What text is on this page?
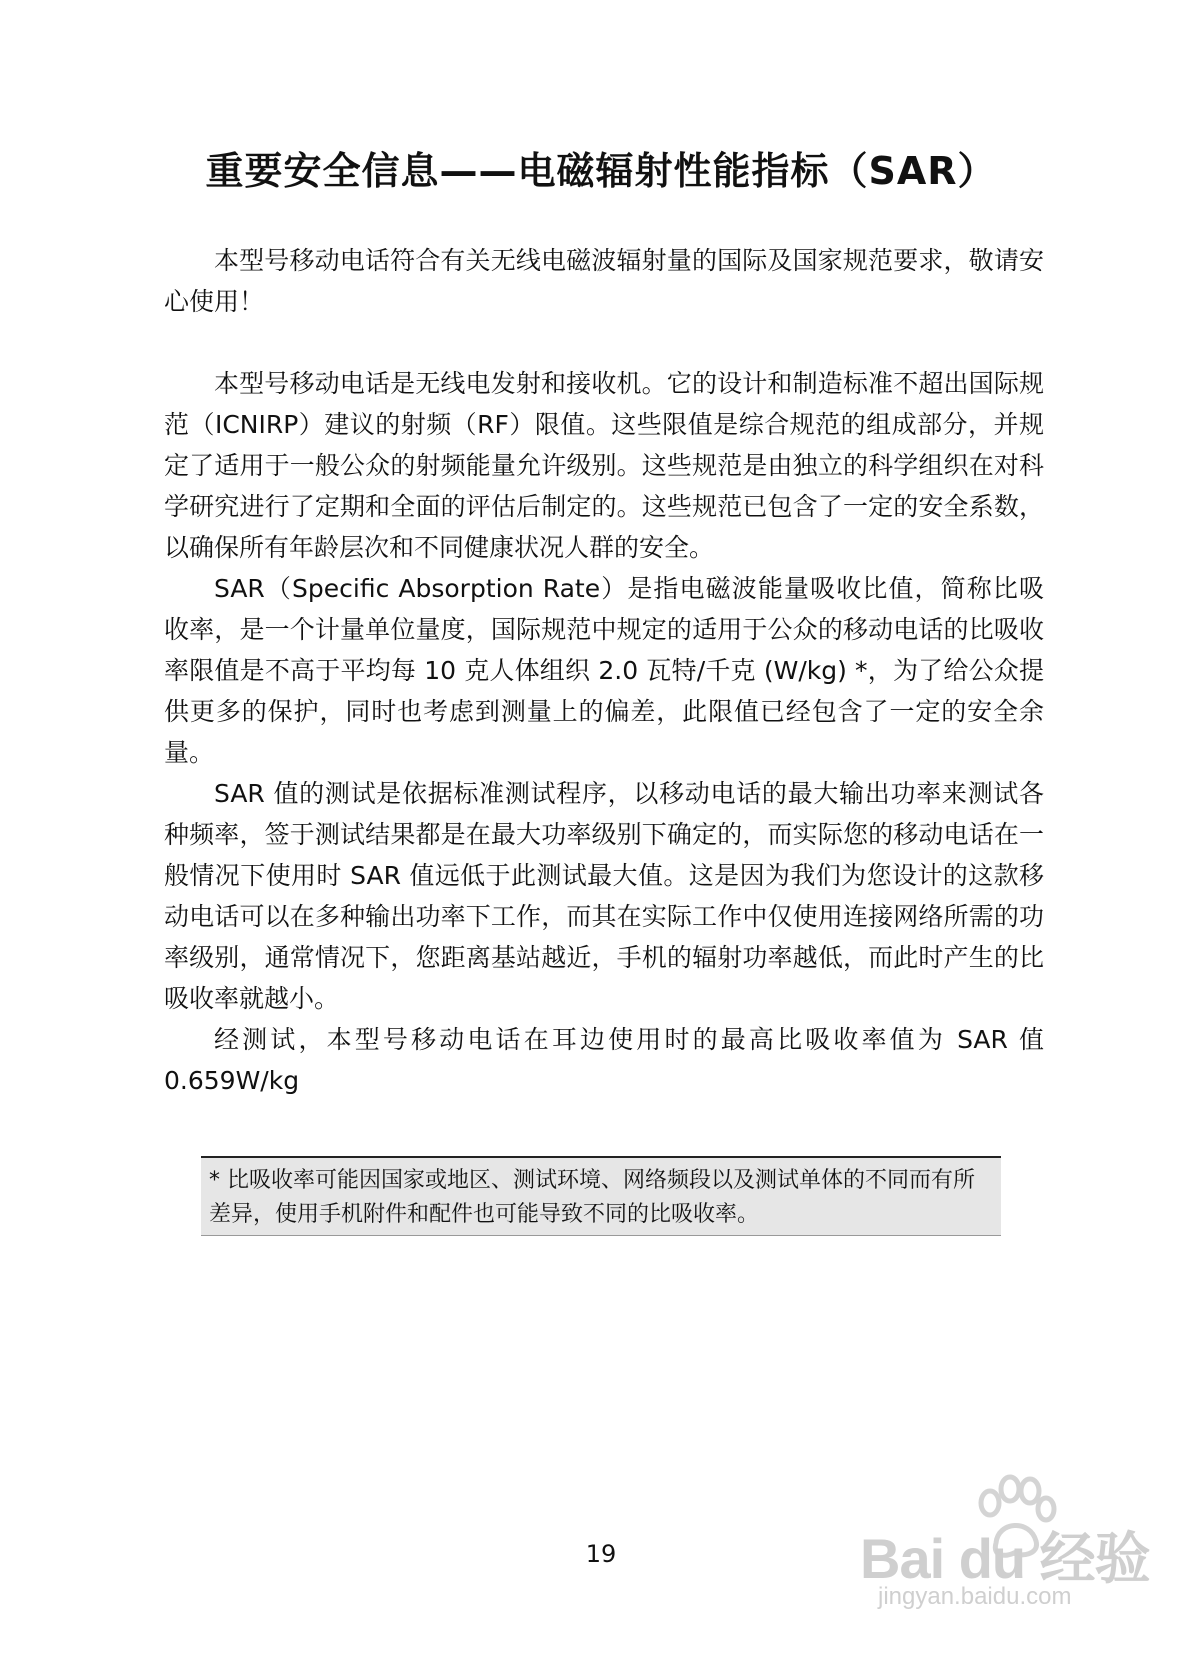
重要安全信息——电磁辐射性能指标（SAR）

本型号移动电话符合有关无线电磁波辐射量的国际及国家规范要求，敬请安心使用！

本型号移动电话是无线电发射和接收机。它的设计和制造标准不超出国际规范（ICNIRP）建议的射频（RF）限值。这些限值是综合规范的组成部分，并规定了适用于一般公众的射频能量允许级别。这些规范是由独立的科学组织在对科学研究进行了定期和全面的评估后制定的。这些规范已包含了一定的安全系数，以确保所有年龄层次和不同健康状况人群的安全。

SAR（Specific Absorption Rate）是指电磁波能量吸收比值，简称比吸收率，是一个计量单位量度，国际规范中规定的适用于公众的移动电话的比吸收率限值是不高于平均每 10 克人体组织 2.0 瓦特/千克 (W/kg) *，为了给公众提供更多的保护，同时也考虑到测量上的偏差，此限值已经包含了一定的安全余量。

SAR 值的测试是依据标准测试程序，以移动电话的最大输出功率来测试各种频率，签于测试结果都是在最大功率级别下确定的，而实际您的移动电话在一般情况下使用时 SAR 值远低于此测试最大值。这是因为我们为您设计的这款移动电话可以在多种输出功率下工作，而其在实际工作中仅使用连接网络所需的功率级别，通常情况下，您距离基站越近，手机的辐射功率越低，而此时产生的比吸收率就越小。

经测试，本型号移动电话在耳边使用时的最高比吸收率值为 SAR 值 0.659W/kg

* 比吸收率可能因国家或地区、测试环境、网络频段以及测试单体的不同而有所差异，使用手机附件和配件也可能导致不同的比吸收率。
19	Bai du 经验
jingyan.baidu.com
